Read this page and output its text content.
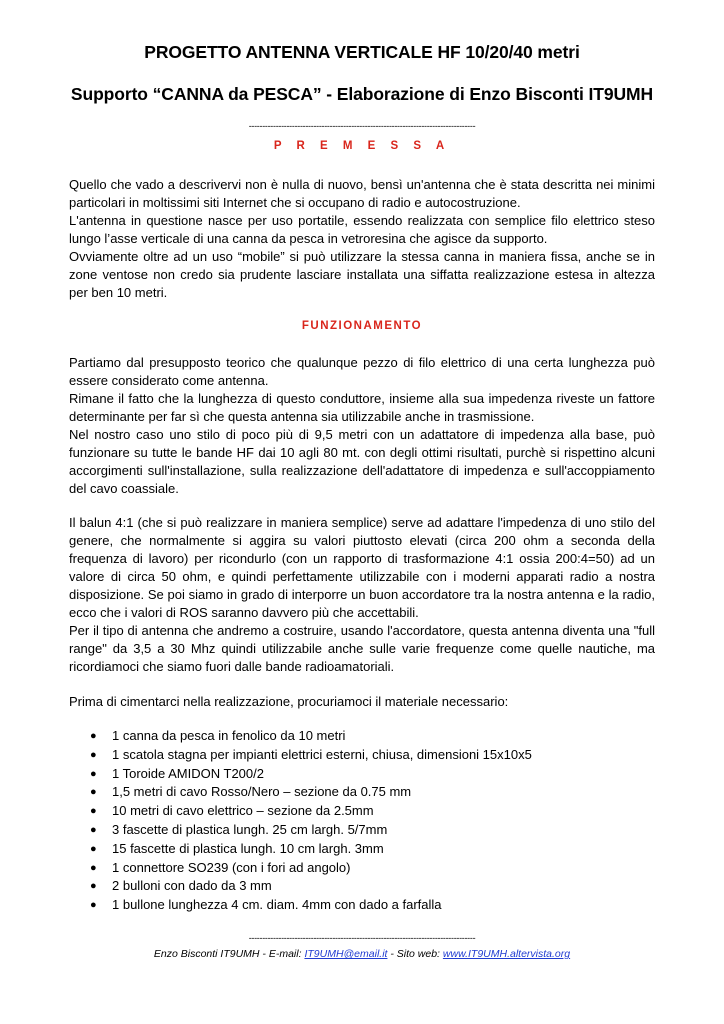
PROGETTO ANTENNA VERTICALE HF 10/20/40 metri
Supporto “CANNA da PESCA” - Elaborazione di Enzo Bisconti IT9UMH
------------------------------------------------------------------------------------
P R E M E S S A

Quello che vado a descrivervi non è nulla di nuovo, bensì un'antenna che è stata descritta nei minimi particolari in moltissimi siti Internet che si occupano di radio e autocostruzione.

L'antenna in questione nasce per uso portatile, essendo realizzata con semplice filo elettrico steso lungo l’asse verticale di una canna da pesca in vetroresina che agisce da supporto.

Ovviamente oltre ad un uso “mobile” si può utilizzare la stessa canna in maniera fissa, anche se in zone ventose non credo sia prudente lasciare installata una siffatta realizzazione estesa in altezza per ben 10 metri.

FUNZIONAMENTO

Partiamo dal presupposto teorico che qualunque pezzo di filo elettrico di una certa lunghezza può essere considerato come antenna.

Rimane il fatto che la lunghezza di questo conduttore, insieme alla sua impedenza riveste un fattore determinante per far sì che questa antenna sia utilizzabile anche in trasmissione.

Nel nostro caso uno stilo di poco più di 9,5 metri con un adattatore di impedenza alla base, può funzionare su tutte le bande HF dai 10 agli 80 mt. con degli ottimi risultati, purchè si rispettino alcuni accorgimenti sull'installazione, sulla realizzazione dell'adattatore di impedenza e sull'accoppiamento del cavo coassiale.

Il balun 4:1 (che si può realizzare in maniera semplice) serve ad adattare l'impedenza di uno stilo del genere, che normalmente si aggira su valori piuttosto elevati (circa 200 ohm a seconda della frequenza di lavoro) per ricondurlo (con un rapporto di trasformazione 4:1 ossia 200:4=50) ad un valore di circa 50 ohm, e quindi perfettamente utilizzabile con i moderni apparati radio a nostra disposizione. Se poi siamo in grado di interporre un buon accordatore tra la nostra antenna e la radio, ecco che i valori di ROS saranno davvero più che accettabili.

Per il tipo di antenna che andremo a costruire, usando l'accordatore, questa antenna diventa una "full range" da 3,5 a 30 Mhz quindi utilizzabile anche sulle varie frequenze come quelle nautiche, ma ricordiamoci che siamo fuori dalle bande radioamatoriali.

Prima di cimentarci nella realizzazione, procuriamoci il materiale necessario:

● 1 canna da pesca in fenolico da 10 metri
● 1 scatola stagna per impianti elettrici esterni, chiusa, dimensioni 15x10x5
● 1 Toroide AMIDON T200/2
● 1,5 metri di cavo Rosso/Nero – sezione da 0.75 mm
● 10 metri di cavo elettrico – sezione da 2.5mm
● 3 fascette di plastica lungh. 25 cm largh. 5/7mm
● 15 fascette di plastica lungh. 10 cm largh. 3mm
● 1 connettore SO239 (con i fori ad angolo)
● 2 bulloni con dado da 3 mm
● 1 bullone lunghezza 4 cm. diam. 4mm con dado a farfalla
------------------------------------------------------------------------------------
Enzo Bisconti IT9UMH - E-mail: IT9UMH@email.it - Sito web: www.IT9UMH.altervista.org
